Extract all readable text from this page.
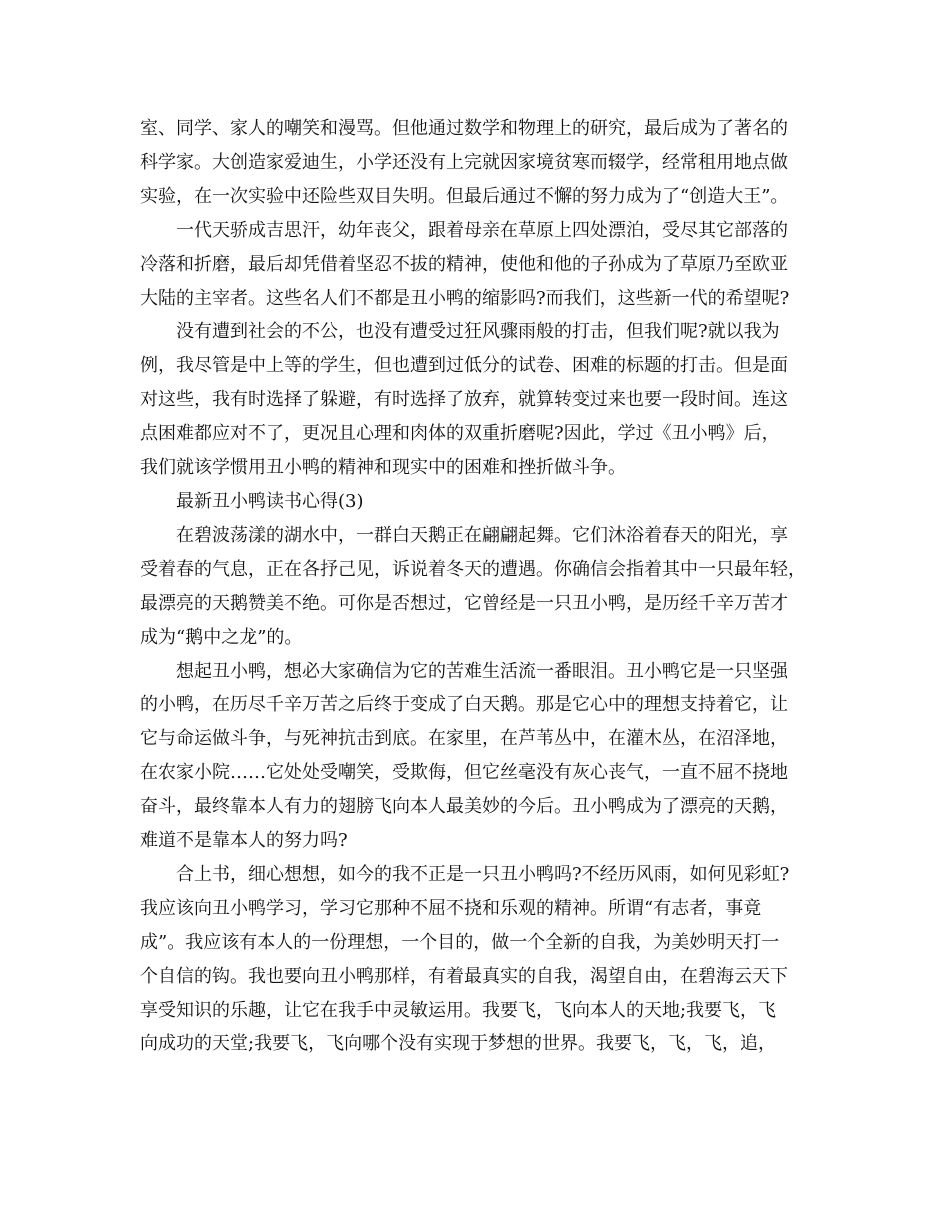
室、同学、家人的嘲笑和漫骂。但他通过数学和物理上的研究，最后成为了著名的
科学家。大创造家爱迪生，小学还没有上完就因家境贫寒而辍学，经常租用地点做
实验，在一次实验中还险些双目失明。但最后通过不懈的努力成为了“创造大王”。
一代天骄成吉思汗，幼年丧父，跟着母亲在草原上四处漂泊，受尽其它部落的
冷落和折磨，最后却凭借着坚忍不拔的精神，使他和他的子孙成为了草原乃至欧亚
大陆的主宰者。这些名人们不都是丑小鸭的缩影吗?而我们，这些新一代的希望呢?
没有遭到社会的不公，也没有遭受过狂风骤雨般的打击，但我们呢?就以我为
例，我尽管是中上等的学生，但也遭到过低分的试卷、困难的标题的打击。但是面
对这些，我有时选择了躲避，有时选择了放弃，就算转变过来也要一段时间。连这
点困难都应对不了，更况且心理和肉体的双重折磨呢?因此，学过《丑小鸭》后，
我们就该学惯用丑小鸭的精神和现实中的困难和挫折做斗争。
最新丑小鸭读书心得(3)
在碧波荡漾的湖水中，一群白天鹅正在翩翩起舞。它们沐浴着春天的阳光，享
受着春的气息，正在各抒己见，诉说着冬天的遭遇。你确信会指着其中一只最年轻，
最漂亮的天鹅赞美不绝。可你是否想过，它曾经是一只丑小鸭，是历经千辛万苦才
成为“鹅中之龙”的。
想起丑小鸭，想必大家确信为它的苦难生活流一番眼泪。丑小鸭它是一只坚强
的小鸭，在历尽千辛万苦之后终于变成了白天鹅。那是它心中的理想支持着它，让
它与命运做斗争，与死神抗击到底。在家里，在芦苇丛中，在灌木丛，在沼泽地，
在农家小院……它处处受嘲笑，受欺侮，但它丝毫没有灰心丧气，一直不屈不挠地
奋斗，最终靠本人有力的翅膀飞向本人最美妙的今后。丑小鸭成为了漂亮的天鹅，
难道不是靠本人的努力吗?
合上书，细心想想，如今的我不正是一只丑小鸭吗?不经历风雨，如何见彩虹?
我应该向丑小鸭学习，学习它那种不屈不挠和乐观的精神。所谓“有志者，事竟
成”。我应该有本人的一份理想，一个目的，做一个全新的自我，为美妙明天打一
个自信的钩。我也要向丑小鸭那样，有着最真实的自我，渴望自由，在碧海云天下
享受知识的乐趣，让它在我手中灵敏运用。我要飞，飞向本人的天地;我要飞，飞
向成功的天堂;我要飞，飞向哪个没有实现于梦想的世界。我要飞，飞，飞，追，
